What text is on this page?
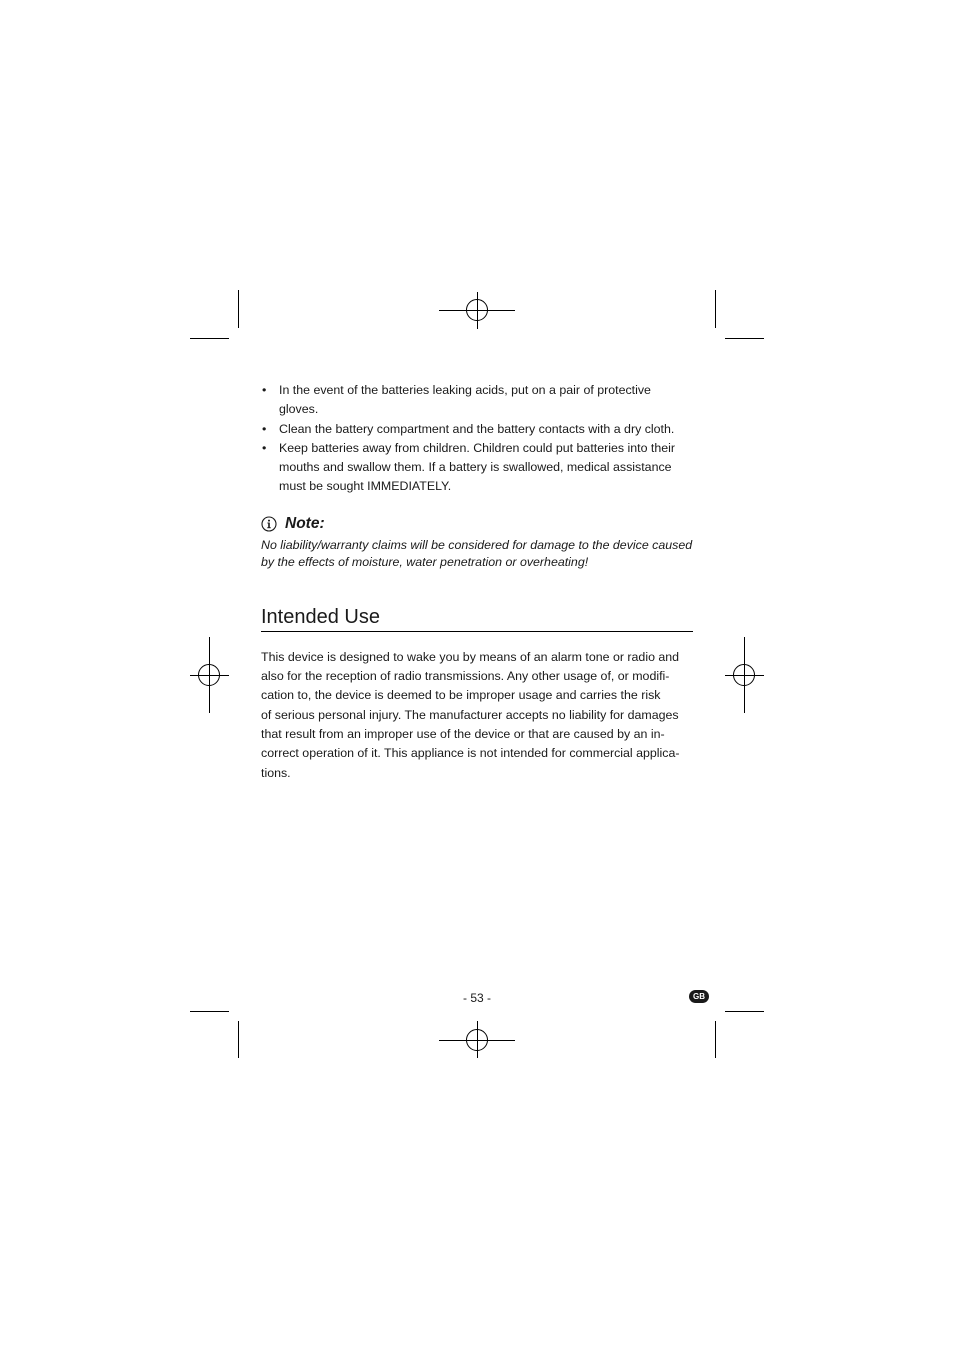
• In the event of the batteries leaking acids, put on a pair of protective gloves.
• Clean the battery compartment and the battery contacts with a dry cloth.
• Keep batteries away from children. Children could put batteries into their mouths and swallow them. If a battery is swallowed, medical assistance must be sought IMMEDIATELY.
Note:
No liability/warranty claims will be considered for damage to the device caused by the effects of moisture, water penetration or overheating!
Intended Use
This device is designed to wake you by means of an alarm tone or radio and
also for the reception of radio transmissions. Any other usage of, or modifi-
cation to, the device is deemed to be improper usage and carries the risk
of serious personal injury. The manufacturer accepts no liability for damages
that result from an improper use of the device or that are caused by an in-
correct operation of it. This appliance is not intended for commercial applica-
tions.
- 53 -	GB
